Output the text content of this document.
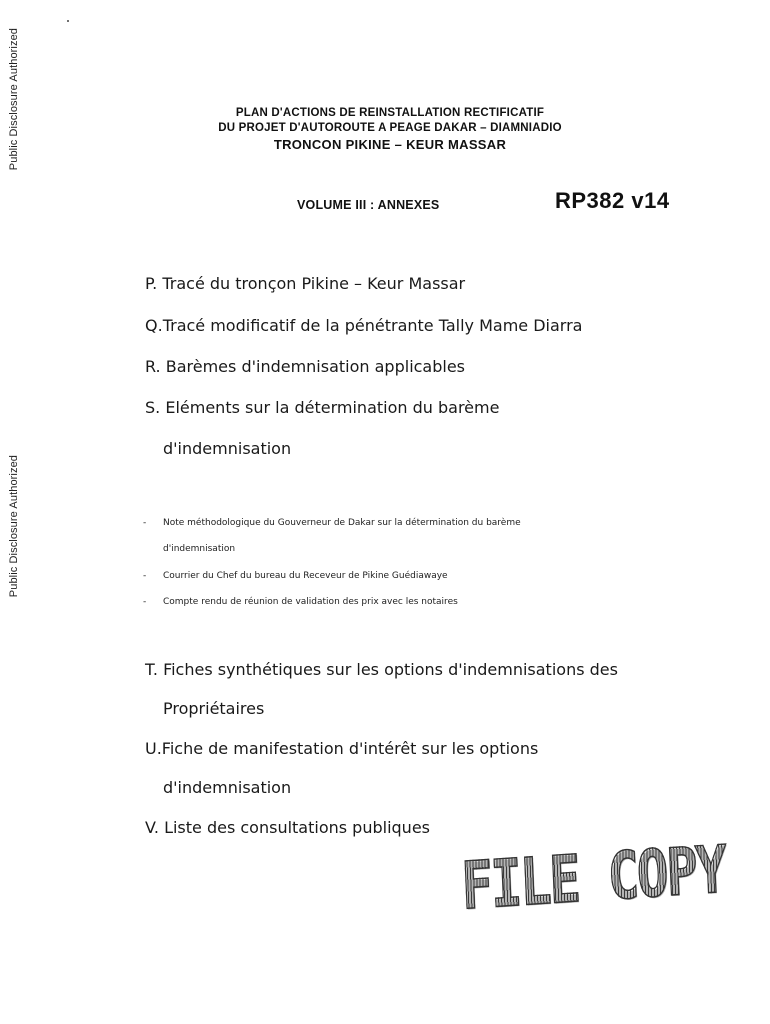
Public Disclosure Authorized
Public Disclosure Authorized
PLAN D'ACTIONS DE REINSTALLATION RECTIFICATIF
DU PROJET D'AUTOROUTE A PEAGE DAKAR – DIAMNIADIO
TRONCON PIKINE – KEUR MASSAR
VOLUME III : ANNEXES	RP382 v14
P. Tracé du tronçon Pikine – Keur Massar
Q.Tracé modificatif de la pénétrante Tally Mame Diarra
R. Barèmes d'indemnisation applicables
S. Eléments sur la détermination du barème
d'indemnisation
- Note méthodologique du Gouverneur de Dakar sur la détermination du barème
d'indemnisation
- Courrier du Chef du bureau du Receveur de Pikine Guédiawaye
- Compte rendu de réunion de validation des prix avec les notaires
T. Fiches synthétiques sur les options d'indemnisations des
Propriétaires
U.Fiche de manifestation d'intérêt sur les options
d'indemnisation
V. Liste des consultations publiques
FILE COPY
